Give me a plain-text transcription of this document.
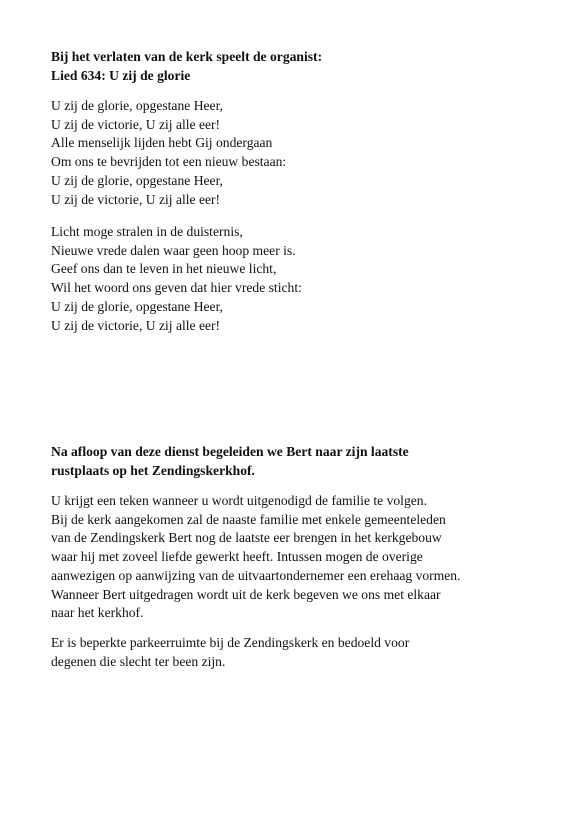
Bij het verlaten van de kerk speelt de organist:
Lied 634: U zij de glorie
U zij de glorie, opgestane Heer,
U zij de victorie, U zij alle eer!
Alle menselijk lijden hebt Gij ondergaan
Om ons te bevrijden tot een nieuw bestaan:
U zij de glorie, opgestane Heer,
U zij de victorie, U zij alle eer!
Licht moge stralen in de duisternis,
Nieuwe vrede dalen waar geen hoop meer is.
Geef ons dan te leven in het nieuwe licht,
Wil het woord ons geven dat hier vrede sticht:
U zij de glorie, opgestane Heer,
U zij de victorie, U zij alle eer!
Na afloop van deze dienst begeleiden we Bert naar zijn laatste
rustplaats op het Zendingskerkhof.
U krijgt een teken wanneer u wordt uitgenodigd de familie te volgen.
Bij de kerk aangekomen zal de naaste familie met enkele gemeenteleden
van de Zendingskerk Bert nog de laatste eer brengen in het kerkgebouw
waar hij met zoveel liefde gewerkt heeft. Intussen mogen de overige
aanwezigen op aanwijzing van de uitvaartondernemer een erehaag vormen.
Wanneer Bert uitgedragen wordt uit de kerk begeven we ons met elkaar
naar het kerkhof.
Er is beperkte parkeerruimte bij de Zendingskerk en bedoeld voor
degenen die slecht ter been zijn.
